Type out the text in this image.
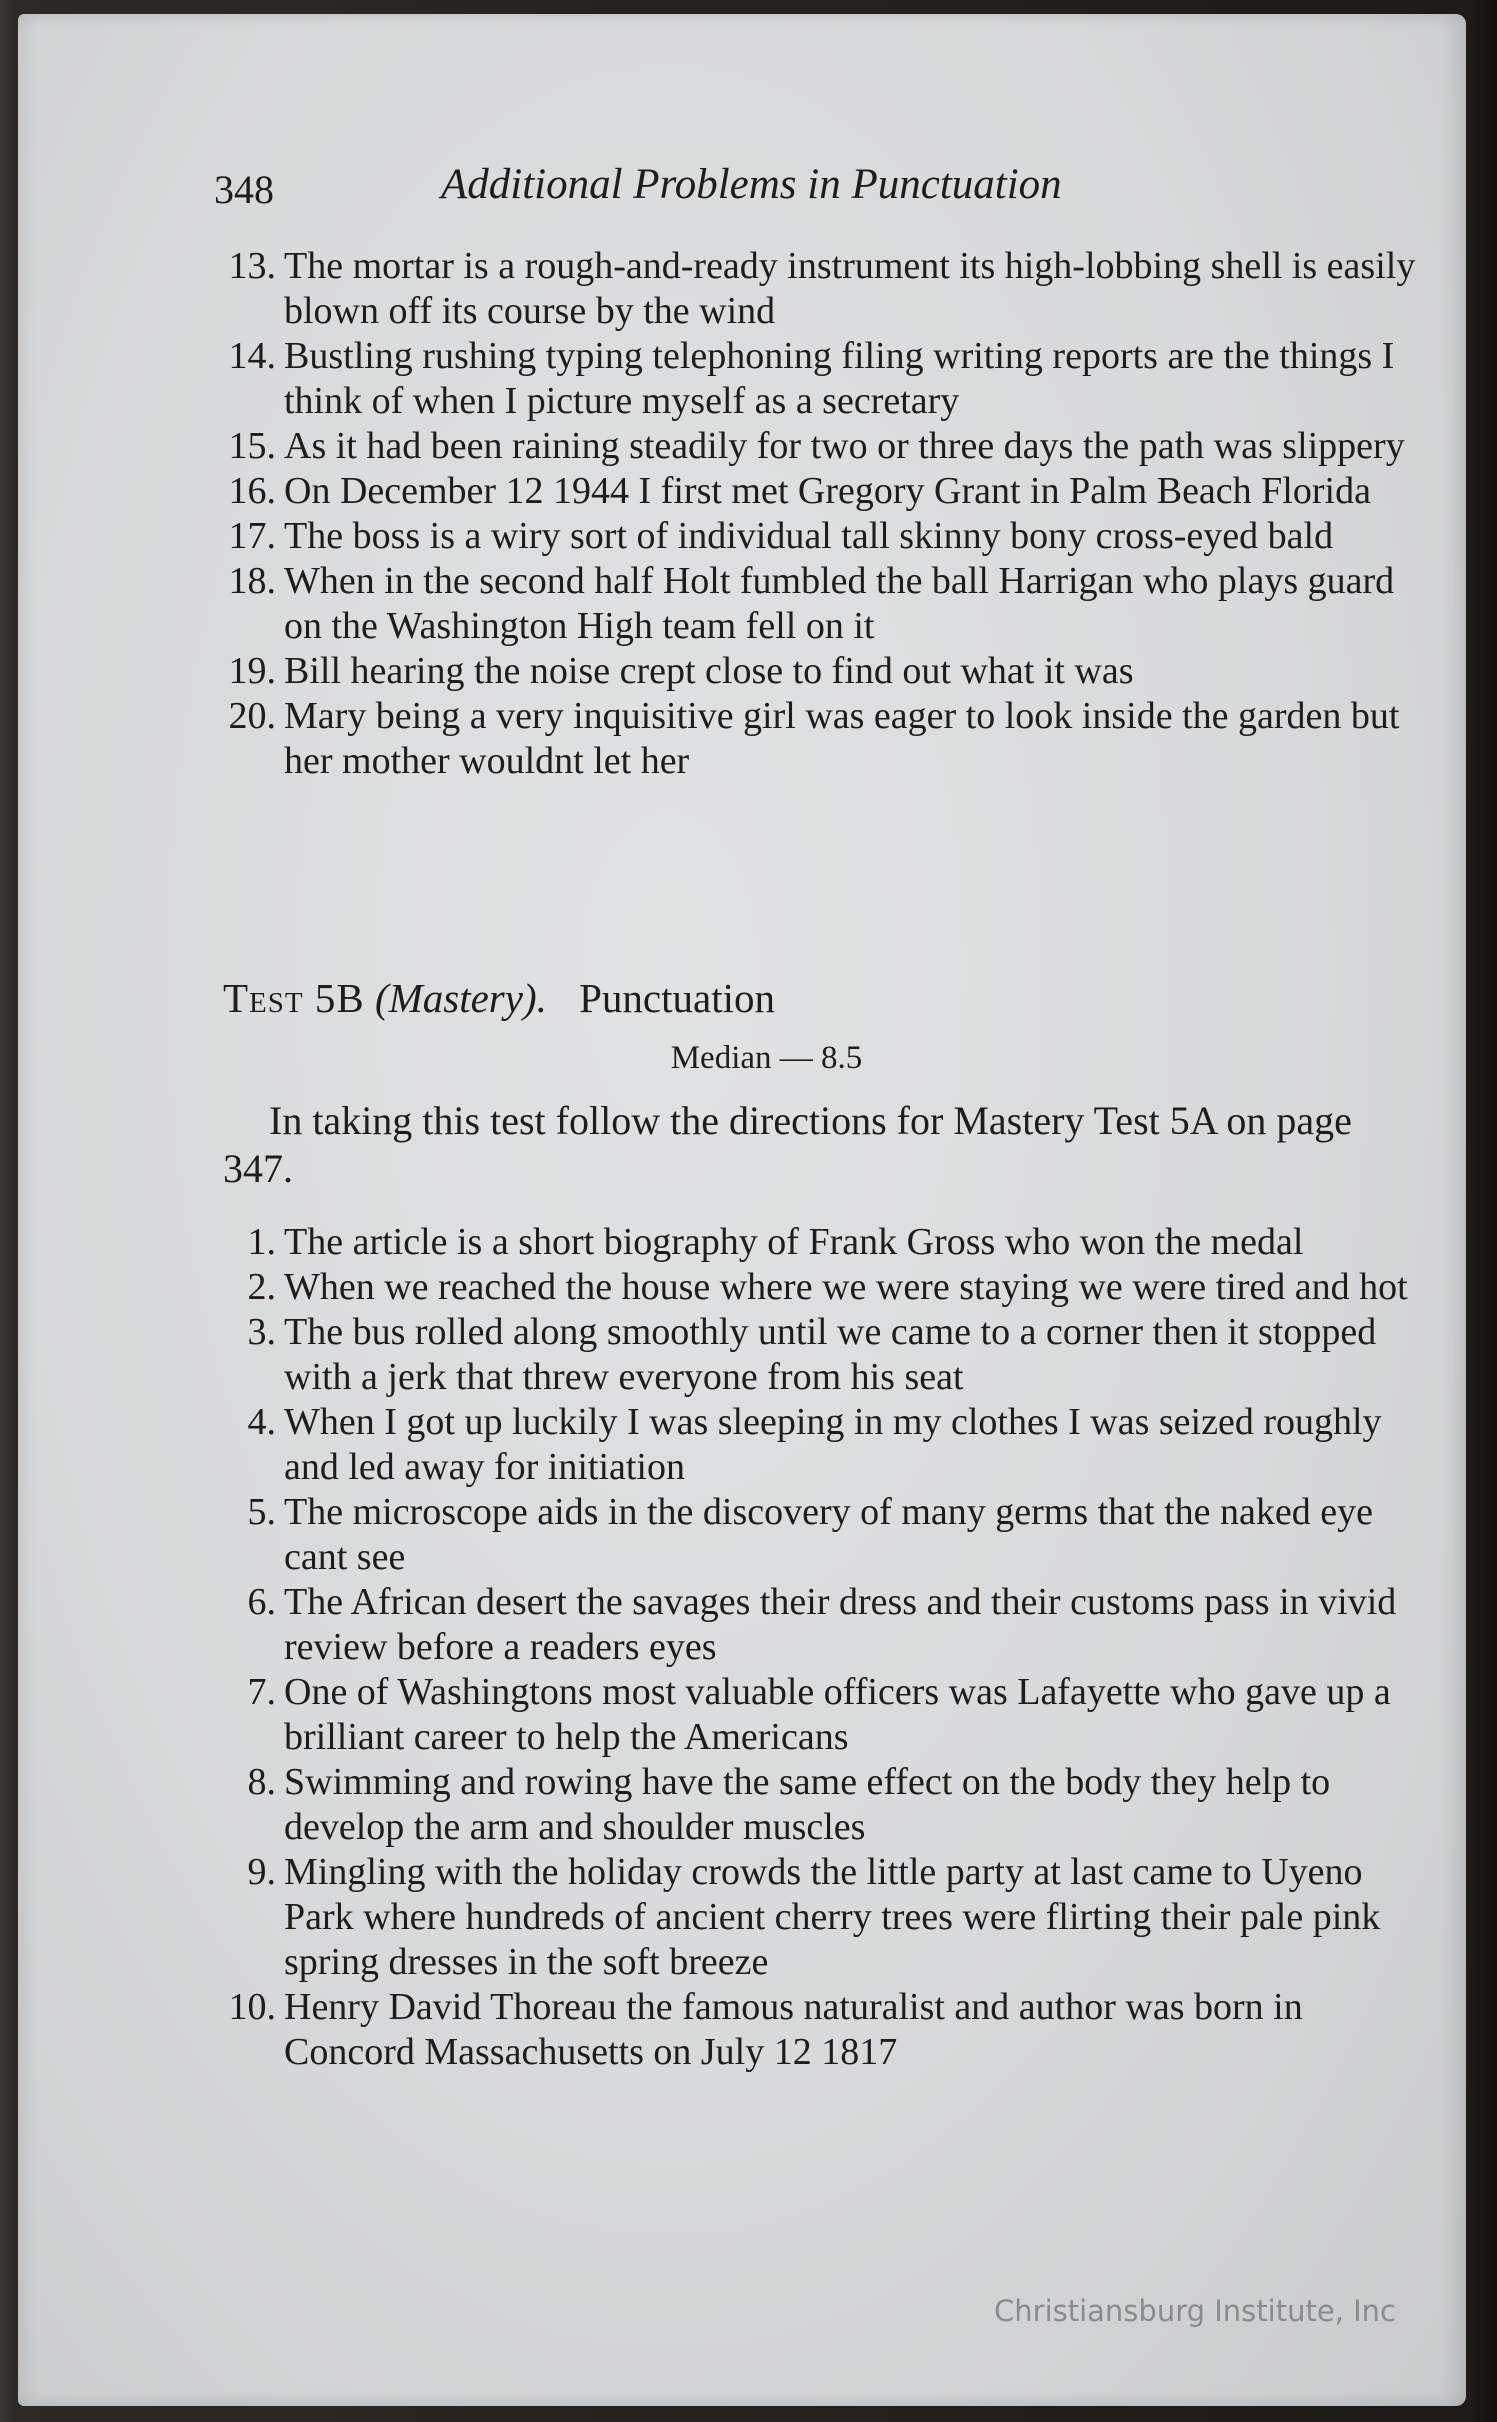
348	Additional Problems in Punctuation
13. The mortar is a rough-and-ready instrument its high-lobbing shell is easily blown off its course by the wind
14. Bustling rushing typing telephoning filing writing reports are the things I think of when I picture myself as a secretary
15. As it had been raining steadily for two or three days the path was slippery
16. On December 12 1944 I first met Gregory Grant in Palm Beach Florida
17. The boss is a wiry sort of individual tall skinny bony cross-eyed bald
18. When in the second half Holt fumbled the ball Harrigan who plays guard on the Washington High team fell on it
19. Bill hearing the noise crept close to find out what it was
20. Mary being a very inquisitive girl was eager to look inside the garden but her mother wouldnt let her
Test 5B (Mastery). Punctuation
Median — 8.5
In taking this test follow the directions for Mastery Test 5A on page 347.
1. The article is a short biography of Frank Gross who won the medal
2. When we reached the house where we were staying we were tired and hot
3. The bus rolled along smoothly until we came to a corner then it stopped with a jerk that threw everyone from his seat
4. When I got up luckily I was sleeping in my clothes I was seized roughly and led away for initiation
5. The microscope aids in the discovery of many germs that the naked eye cant see
6. The African desert the savages their dress and their customs pass in vivid review before a readers eyes
7. One of Washingtons most valuable officers was Lafayette who gave up a brilliant career to help the Americans
8. Swimming and rowing have the same effect on the body they help to develop the arm and shoulder muscles
9. Mingling with the holiday crowds the little party at last came to Uyeno Park where hundreds of ancient cherry trees were flirting their pale pink spring dresses in the soft breeze
10. Henry David Thoreau the famous naturalist and author was born in Concord Massachusetts on July 12 1817
Christiansburg Institute, Inc
